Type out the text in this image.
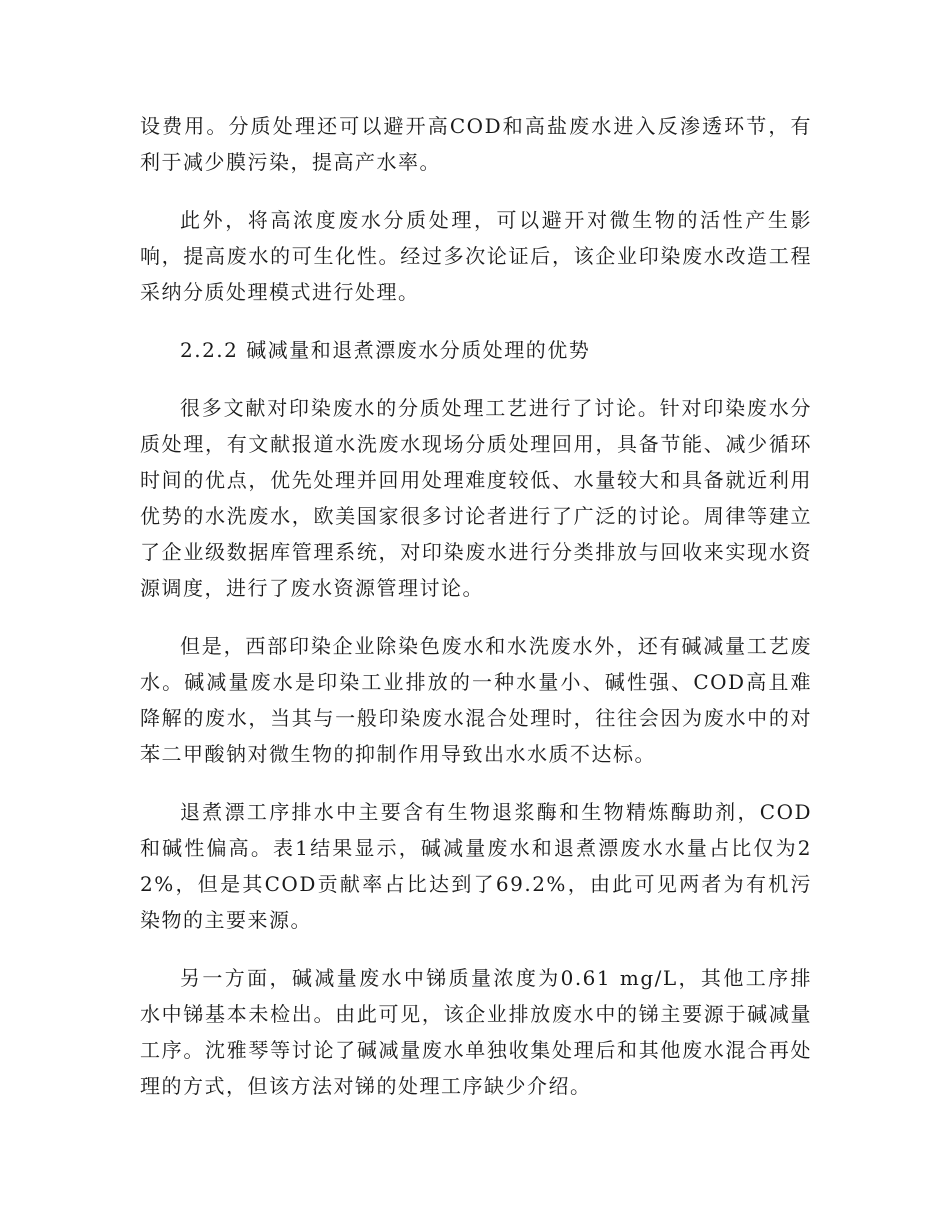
设费用。分质处理还可以避开高COD和高盐废水进入反渗透环节，有利于减少膜污染，提高产水率。

此外，将高浓度废水分质处理，可以避开对微生物的活性产生影响，提高废水的可生化性。经过多次论证后，该企业印染废水改造工程采纳分质处理模式进行处理。

2.2.2 碱减量和退煮漂废水分质处理的优势

很多文献对印染废水的分质处理工艺进行了讨论。针对印染废水分质处理，有文献报道水洗废水现场分质处理回用，具备节能、减少循环时间的优点，优先处理并回用处理难度较低、水量较大和具备就近利用优势的水洗废水，欧美国家很多讨论者进行了广泛的讨论。周律等建立了企业级数据库管理系统，对印染废水进行分类排放与回收来实现水资源调度，进行了废水资源管理讨论。

但是，西部印染企业除染色废水和水洗废水外，还有碱减量工艺废水。碱减量废水是印染工业排放的一种水量小、碱性强、COD高且难降解的废水，当其与一般印染废水混合处理时，往往会因为废水中的对苯二甲酸钠对微生物的抑制作用导致出水水质不达标。

退煮漂工序排水中主要含有生物退浆酶和生物精炼酶助剂，COD和碱性偏高。表1结果显示，碱减量废水和退煮漂废水水量占比仅为22%，但是其COD贡献率占比达到了69.2%，由此可见两者为有机污染物的主要来源。

另一方面，碱减量废水中锑质量浓度为0.61 mg/L，其他工序排水中锑基本未检出。由此可见，该企业排放废水中的锑主要源于碱减量工序。沈雅琴等讨论了碱减量废水单独收集处理后和其他废水混合再处理的方式，但该方法对锑的处理工序缺少介绍。
